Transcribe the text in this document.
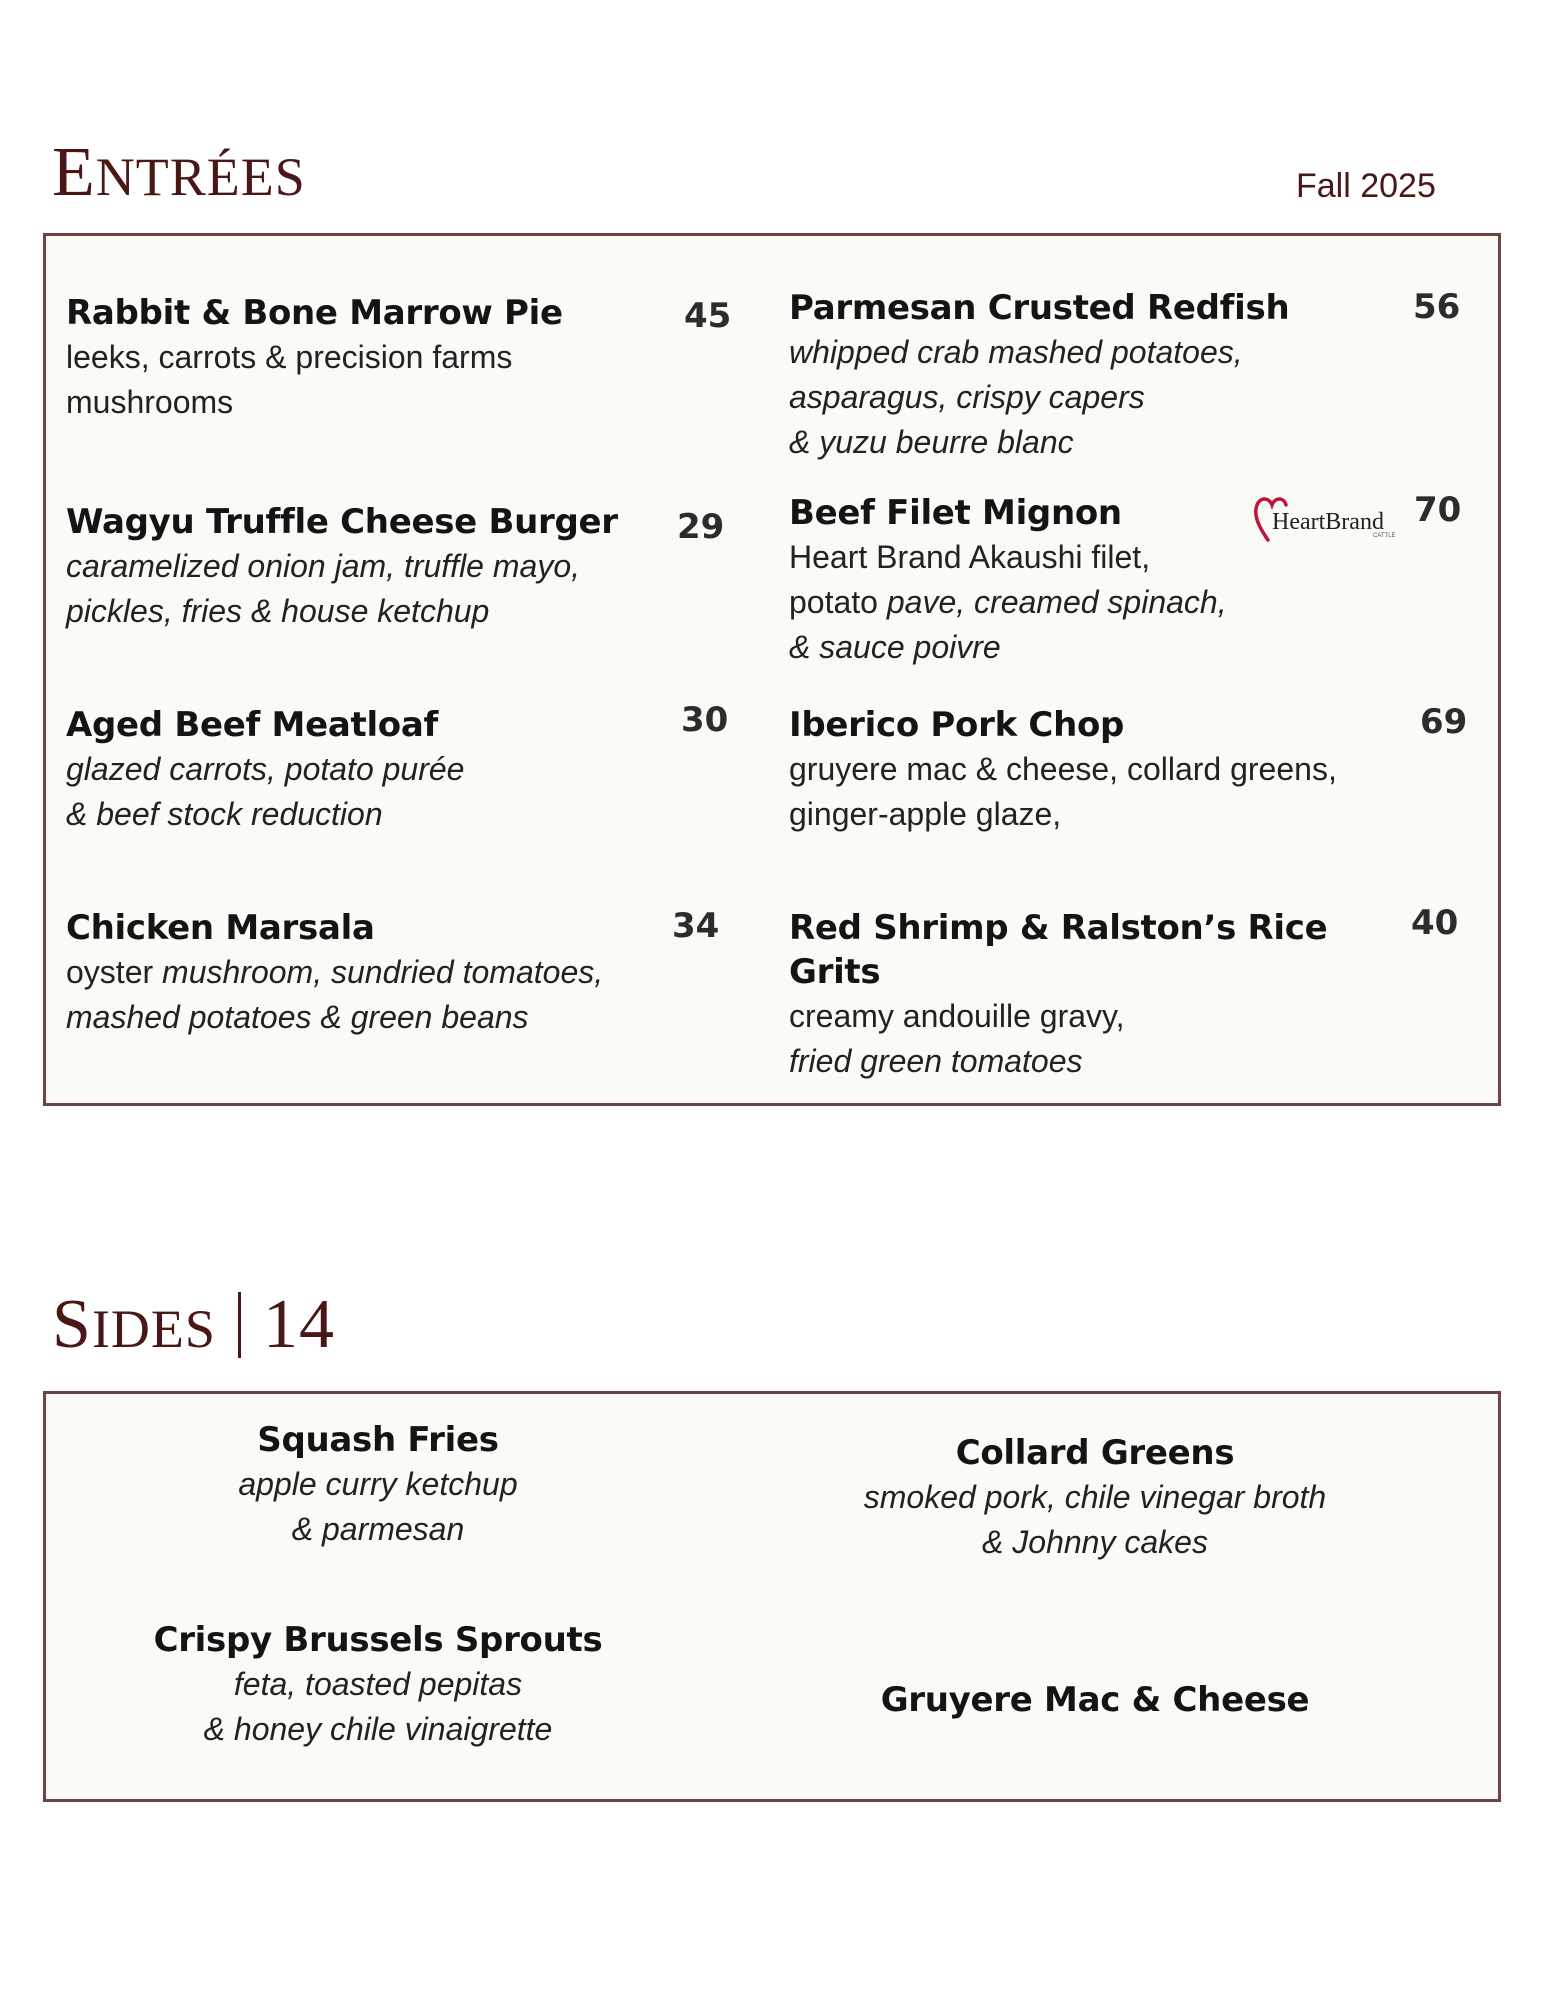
ENTRÉES	Fall 2025
Rabbit & Bone Marrow Pie
leeks, carrots & precision farms
mushrooms
45
Wagyu Truffle Cheese Burger
caramelized onion jam, truffle mayo,
pickles, fries & house ketchup
29
Aged Beef Meatloaf
glazed carrots, potato purée
& beef stock reduction
30
Chicken Marsala
oyster mushroom, sundried tomatoes,
mashed potatoes & green beans
34
Parmesan Crusted Redfish
whipped crab mashed potatoes,
asparagus, crispy capers
& yuzu beurre blanc
56
Beef Filet Mignon
Heart Brand Akaushi filet,
potato pave, creamed spinach,
& sauce poivre
HeartBrand
CATTLE
70
Iberico Pork Chop
gruyere mac & cheese, collard greens,
ginger-apple glaze,
69
Red Shrimp & Ralston’s Rice Grits
creamy andouille gravy,
fried green tomatoes
40
SIDES 14
Squash Fries
apple curry ketchup
& parmesan
Collard Greens
smoked pork, chile vinegar broth
& Johnny cakes
Crispy Brussels Sprouts
feta, toasted pepitas
& honey chile vinaigrette
Gruyere Mac & Cheese
